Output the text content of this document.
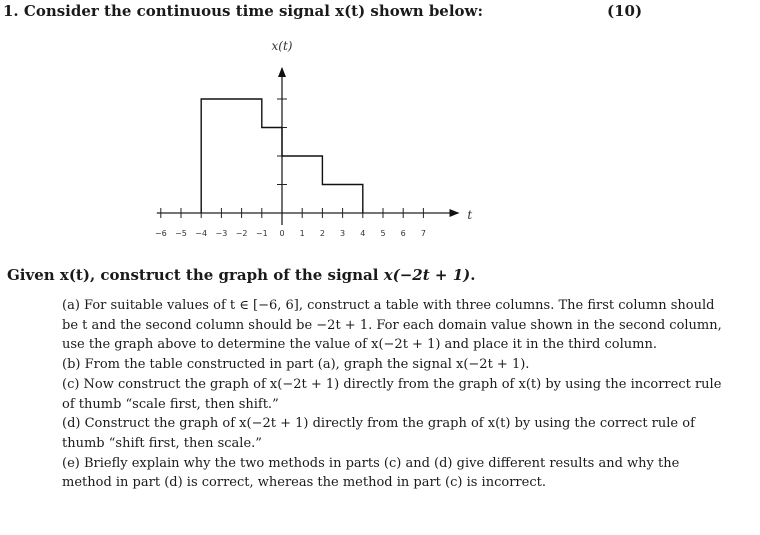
1. Consider the continuous time signal x(t) shown below:	(10)
−6 −5 −4 −3 −2 −1 0 1 2 3 4 5 6 7
x(t)
t
Given x(t), construct the graph of the signal x(−2t + 1).

(a) For suitable values of t ∈ [−6, 6], construct a table with three columns. The first column should be t and the second column should be −2t + 1. For each domain value shown in the second column, use the graph above to determine the value of x(−2t + 1) and place it in the third column.

(b) From the table constructed in part (a), graph the signal x(−2t + 1).

(c) Now construct the graph of x(−2t + 1) directly from the graph of x(t) by using the incorrect rule of thumb “scale first, then shift.”

(d) Construct the graph of x(−2t + 1) directly from the graph of x(t) by using the correct rule of thumb “shift first, then scale.”

(e) Briefly explain why the two methods in parts (c) and (d) give different results and why the method in part (d) is correct, whereas the method in part (c) is incorrect.
